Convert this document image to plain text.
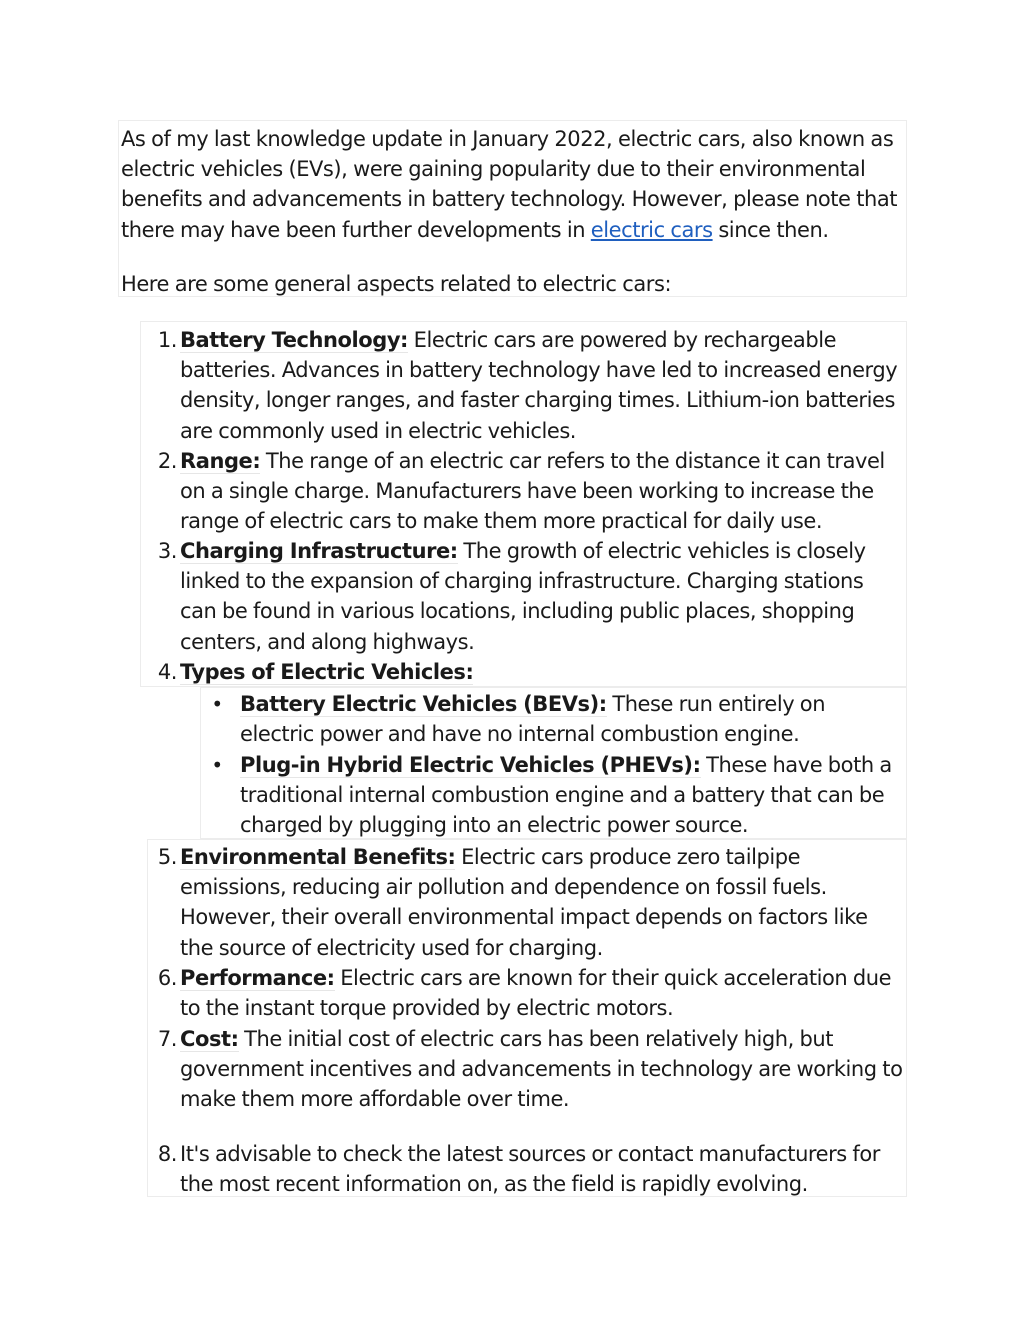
As of my last knowledge update in January 2022, electric cars, also known as electric vehicles (EVs), were gaining popularity due to their environmental benefits and advancements in battery technology. However, please note that there may have been further developments in electric cars since then.

Here are some general aspects related to electric cars:

1. Battery Technology: Electric cars are powered by rechargeable batteries. Advances in battery technology have led to increased energy density, longer ranges, and faster charging times. Lithium-ion batteries are commonly used in electric vehicles.
2. Range: The range of an electric car refers to the distance it can travel on a single charge. Manufacturers have been working to increase the range of electric cars to make them more practical for daily use.
3. Charging Infrastructure: The growth of electric vehicles is closely linked to the expansion of charging infrastructure. Charging stations can be found in various locations, including public places, shopping centers, and along highways.
4. Types of Electric Vehicles:
• Battery Electric Vehicles (BEVs): These run entirely on electric power and have no internal combustion engine.
• Plug-in Hybrid Electric Vehicles (PHEVs): These have both a traditional internal combustion engine and a battery that can be charged by plugging into an electric power source.
5. Environmental Benefits: Electric cars produce zero tailpipe emissions, reducing air pollution and dependence on fossil fuels. However, their overall environmental impact depends on factors like the source of electricity used for charging.
6. Performance: Electric cars are known for their quick acceleration due to the instant torque provided by electric motors.
7. Cost: The initial cost of electric cars has been relatively high, but government incentives and advancements in technology are working to make them more affordable over time.
8. It's advisable to check the latest sources or contact manufacturers for the most recent information on, as the field is rapidly evolving.
